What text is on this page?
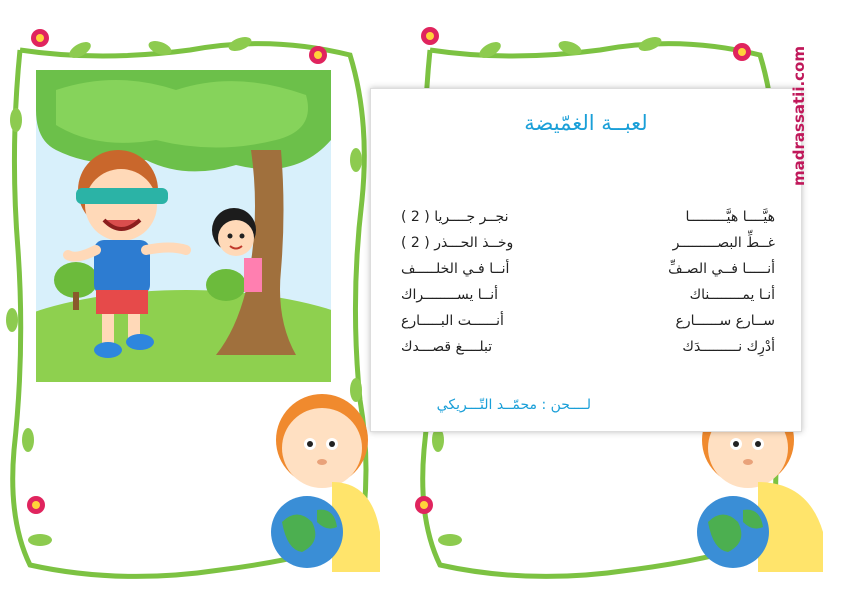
لعبــة الغمّيضة
هيَّــــا هيَّـــــــــا
نجــر جــــريا ( 2 )
غــطِّ البصـــــــــر
وخــذ الحـــذر ( 2 )
أنـــــا فــي الصـفِّ
أنــا فـي الخلـــــف
أنـا يمــــــــناك
أنــا يســــــــراك
ســارع ســــــارع
أنــــــت البـــــارع
أدْرِك نـــــــــدَك
تبلــــغ قصـــدك
لــــحن : محمّــد التّـــريكي
madrassatii.com
